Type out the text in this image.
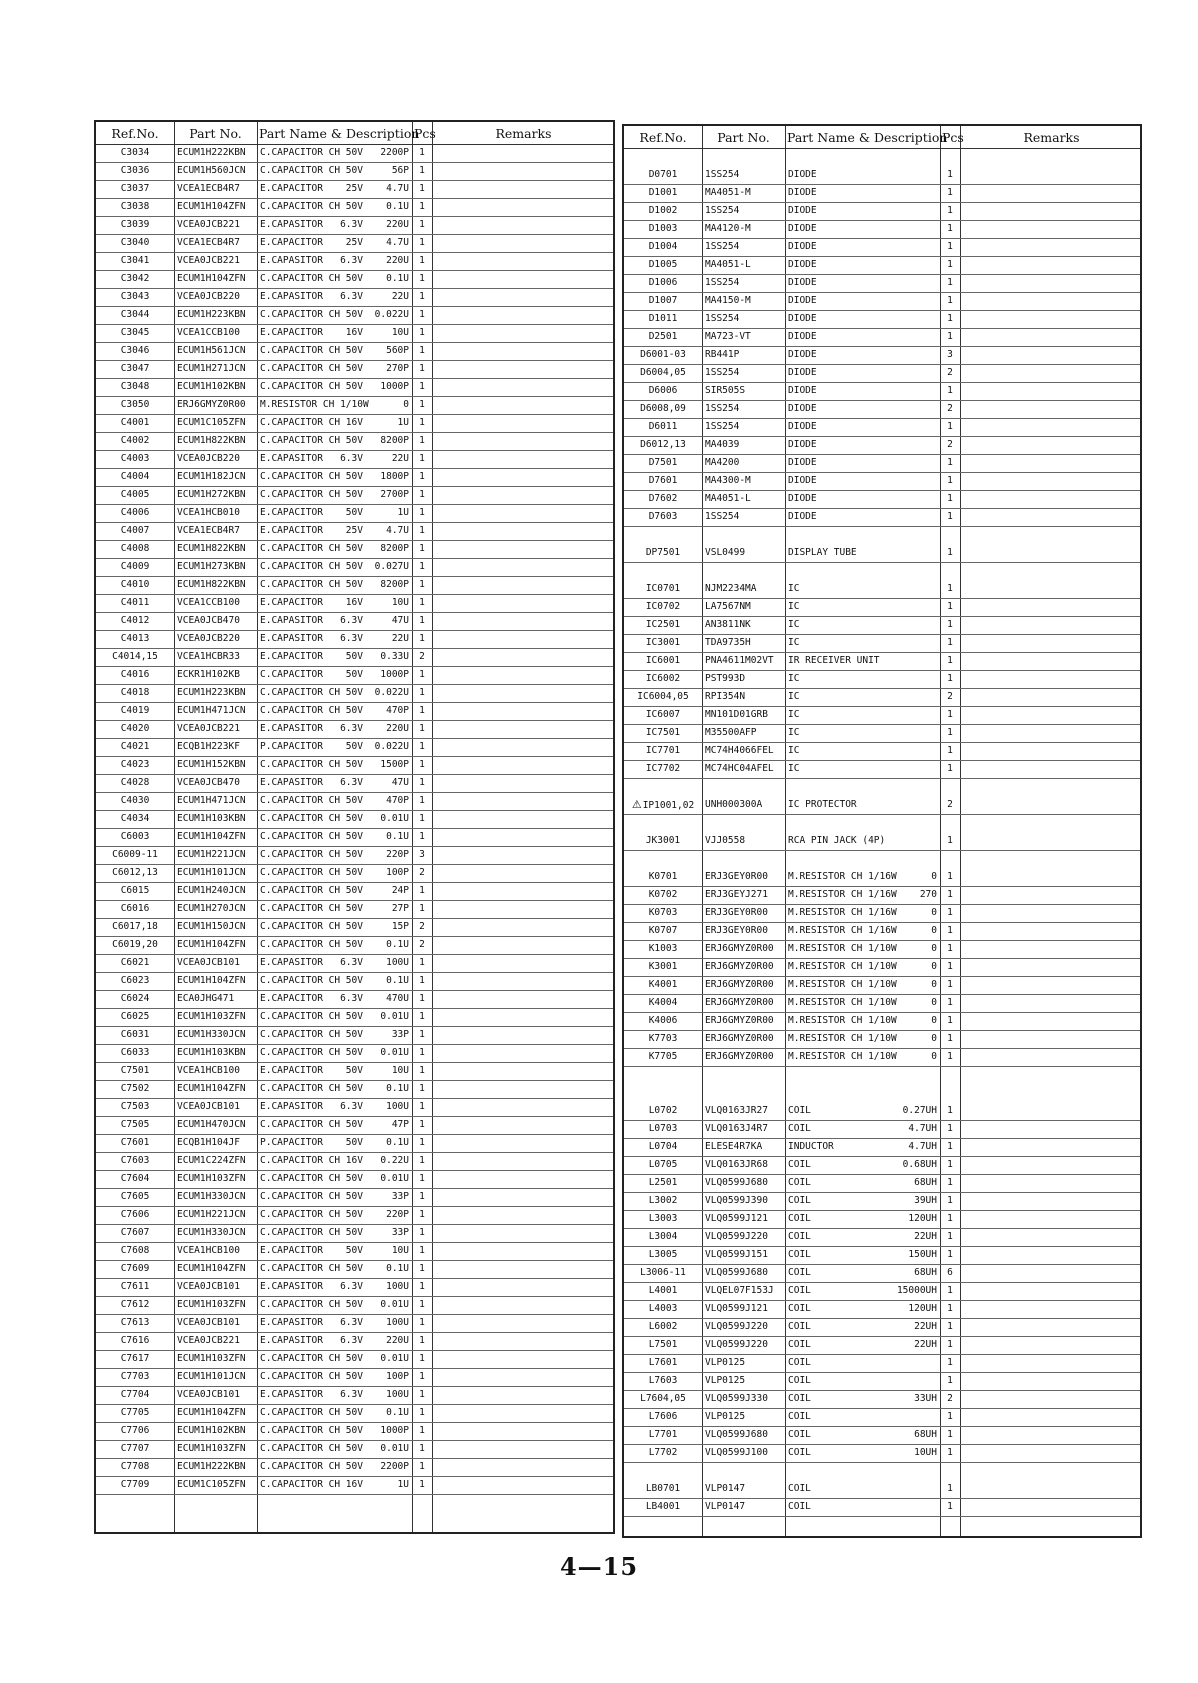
Ref.No.	Part No.	Part Name & Description
Pcs	Remarks
C3034	ECUM1H222KBN	C.CAPACITOR CH 50V	2200P	1
C3036	ECUM1H560JCN	C.CAPACITOR CH 50V	56P	1
C3037	VCEA1ECB4R7	E.CAPACITOR    25V	4.7U	1
C3038	ECUM1H104ZFN	C.CAPACITOR CH 50V	0.1U	1
C3039	VCEA0JCB221	E.CAPASITOR   6.3V	220U	1
C3040	VCEA1ECB4R7	E.CAPACITOR    25V	4.7U	1
C3041	VCEA0JCB221	E.CAPASITOR   6.3V	220U	1
C3042	ECUM1H104ZFN	C.CAPACITOR CH 50V	0.1U	1
C3043	VCEA0JCB220	E.CAPASITOR   6.3V	22U	1
C3044	ECUM1H223KBN	C.CAPACITOR CH 50V	0.022U	1
C3045	VCEA1CCB100	E.CAPACITOR    16V	10U	1
C3046	ECUM1H561JCN	C.CAPACITOR CH 50V	560P	1
C3047	ECUM1H271JCN	C.CAPACITOR CH 50V	270P	1
C3048	ECUM1H102KBN	C.CAPACITOR CH 50V	1000P	1
C3050	ERJ6GMYZ0R00	M.RESISTOR CH 1/10W	0	1
C4001	ECUM1C105ZFN	C.CAPACITOR CH 16V	1U	1
C4002	ECUM1H822KBN	C.CAPACITOR CH 50V	8200P	1
C4003	VCEA0JCB220	E.CAPASITOR   6.3V	22U	1
C4004	ECUM1H182JCN	C.CAPACITOR CH 50V	1800P	1
C4005	ECUM1H272KBN	C.CAPACITOR CH 50V	2700P	1
C4006	VCEA1HCB010	E.CAPACITOR    50V	1U	1
C4007	VCEA1ECB4R7	E.CAPACITOR    25V	4.7U	1
C4008	ECUM1H822KBN	C.CAPACITOR CH 50V	8200P	1
C4009	ECUM1H273KBN	C.CAPACITOR CH 50V	0.027U	1
C4010	ECUM1H822KBN	C.CAPACITOR CH 50V	8200P	1
C4011	VCEA1CCB100	E.CAPACITOR    16V	10U	1
C4012	VCEA0JCB470	E.CAPASITOR   6.3V	47U	1
C4013	VCEA0JCB220	E.CAPASITOR   6.3V	22U	1
C4014,15	VCEA1HCBR33	E.CAPACITOR    50V	0.33U	2
C4016	ECKR1H102KB	C.CAPACITOR    50V	1000P	1
C4018	ECUM1H223KBN	C.CAPACITOR CH 50V	0.022U	1
C4019	ECUM1H471JCN	C.CAPACITOR CH 50V	470P	1
C4020	VCEA0JCB221	E.CAPASITOR   6.3V	220U	1
C4021	ECQB1H223KF	P.CAPACITOR    50V	0.022U	1
C4023	ECUM1H152KBN	C.CAPACITOR CH 50V	1500P	1
C4028	VCEA0JCB470	E.CAPASITOR   6.3V	47U	1
C4030	ECUM1H471JCN	C.CAPACITOR CH 50V	470P	1
C4034	ECUM1H103KBN	C.CAPACITOR CH 50V	0.01U	1
C6003	ECUM1H104ZFN	C.CAPACITOR CH 50V	0.1U	1
C6009-11	ECUM1H221JCN	C.CAPACITOR CH 50V	220P	3
C6012,13	ECUM1H101JCN	C.CAPACITOR CH 50V	100P	2
C6015	ECUM1H240JCN	C.CAPACITOR CH 50V	24P	1
C6016	ECUM1H270JCN	C.CAPACITOR CH 50V	27P	1
C6017,18	ECUM1H150JCN	C.CAPACITOR CH 50V	15P	2
C6019,20	ECUM1H104ZFN	C.CAPACITOR CH 50V	0.1U	2
C6021	VCEA0JCB101	E.CAPASITOR   6.3V	100U	1
C6023	ECUM1H104ZFN	C.CAPACITOR CH 50V	0.1U	1
C6024	ECA0JHG471	E.CAPACITOR   6.3V	470U	1
C6025	ECUM1H103ZFN	C.CAPACITOR CH 50V	0.01U	1
C6031	ECUM1H330JCN	C.CAPACITOR CH 50V	33P	1
C6033	ECUM1H103KBN	C.CAPACITOR CH 50V	0.01U	1
C7501	VCEA1HCB100	E.CAPACITOR    50V	10U	1
C7502	ECUM1H104ZFN	C.CAPACITOR CH 50V	0.1U	1
C7503	VCEA0JCB101	E.CAPASITOR   6.3V	100U	1
C7505	ECUM1H470JCN	C.CAPACITOR CH 50V	47P	1
C7601	ECQB1H104JF	P.CAPACITOR    50V	0.1U	1
C7603	ECUM1C224ZFN	C.CAPACITOR CH 16V	0.22U	1
C7604	ECUM1H103ZFN	C.CAPACITOR CH 50V	0.01U	1
C7605	ECUM1H330JCN	C.CAPACITOR CH 50V	33P	1
C7606	ECUM1H221JCN	C.CAPACITOR CH 50V	220P	1
C7607	ECUM1H330JCN	C.CAPACITOR CH 50V	33P	1
C7608	VCEA1HCB100	E.CAPACITOR    50V	10U	1
C7609	ECUM1H104ZFN	C.CAPACITOR CH 50V	0.1U	1
C7611	VCEA0JCB101	E.CAPASITOR   6.3V	100U	1
C7612	ECUM1H103ZFN	C.CAPACITOR CH 50V	0.01U	1
C7613	VCEA0JCB101	E.CAPASITOR   6.3V	100U	1
C7616	VCEA0JCB221	E.CAPASITOR   6.3V	220U	1
C7617	ECUM1H103ZFN	C.CAPACITOR CH 50V	0.01U	1
C7703	ECUM1H101JCN	C.CAPACITOR CH 50V	100P	1
C7704	VCEA0JCB101	E.CAPASITOR   6.3V	100U	1
C7705	ECUM1H104ZFN	C.CAPACITOR CH 50V	0.1U	1
C7706	ECUM1H102KBN	C.CAPACITOR CH 50V	1000P	1
C7707	ECUM1H103ZFN	C.CAPACITOR CH 50V	0.01U	1
C7708	ECUM1H222KBN	C.CAPACITOR CH 50V	2200P	1
C7709	ECUM1C105ZFN	C.CAPACITOR CH 16V	1U	1
Ref.No.	Part No.	Part Name & Description
Pcs	Remarks
D0701	1SS254	DIODE	1
D1001	MA4051-M	DIODE	1
D1002	1SS254	DIODE	1
D1003	MA4120-M	DIODE	1
D1004	1SS254	DIODE	1
D1005	MA4051-L	DIODE	1
D1006	1SS254	DIODE	1
D1007	MA4150-M	DIODE	1
D1011	1SS254	DIODE	1
D2501	MA723-VT	DIODE	1
D6001-03	RB441P	DIODE	3
D6004,05	1SS254	DIODE	2
D6006	SIR505S	DIODE	1
D6008,09	1SS254	DIODE	2
D6011	1SS254	DIODE	1
D6012,13	MA4039	DIODE	2
D7501	MA4200	DIODE	1
D7601	MA4300-M	DIODE	1
D7602	MA4051-L	DIODE	1
D7603	1SS254	DIODE	1
DP7501	VSL0499	DISPLAY TUBE	1
IC0701	NJM2234MA	IC	1
IC0702	LA7567NM	IC	1
IC2501	AN3811NK	IC	1
IC3001	TDA9735H	IC	1
IC6001	PNA4611M02VT	IR RECEIVER UNIT	1
IC6002	PST993D	IC	1
IC6004,05	RPI354N	IC	2
IC6007	MN101D01GRB	IC	1
IC7501	M35500AFP	IC	1
IC7701	MC74H4066FEL	IC	1
IC7702	MC74HC04AFEL	IC	1
⚠IP1001,02	UNH000300A	IC PROTECTOR	2
JK3001	VJJ0558	RCA PIN JACK (4P)	1
K0701	ERJ3GEY0R00	M.RESISTOR CH 1/16W	0	1
K0702	ERJ3GEYJ271	M.RESISTOR CH 1/16W	270	1
K0703	ERJ3GEY0R00	M.RESISTOR CH 1/16W	0	1
K0707	ERJ3GEY0R00	M.RESISTOR CH 1/16W	0	1
K1003	ERJ6GMYZ0R00	M.RESISTOR CH 1/10W	0	1
K3001	ERJ6GMYZ0R00	M.RESISTOR CH 1/10W	0	1
K4001	ERJ6GMYZ0R00	M.RESISTOR CH 1/10W	0	1
K4004	ERJ6GMYZ0R00	M.RESISTOR CH 1/10W	0	1
K4006	ERJ6GMYZ0R00	M.RESISTOR CH 1/10W	0	1
K7703	ERJ6GMYZ0R00	M.RESISTOR CH 1/10W	0	1
K7705	ERJ6GMYZ0R00	M.RESISTOR CH 1/10W	0	1
L0702	VLQ0163JR27	COIL	0.27UH	1
L0703	VLQ0163J4R7	COIL	4.7UH	1
L0704	ELESE4R7KA	INDUCTOR	4.7UH	1
L0705	VLQ0163JR68	COIL	0.68UH	1
L2501	VLQ0599J680	COIL	68UH	1
L3002	VLQ0599J390	COIL	39UH	1
L3003	VLQ0599J121	COIL	120UH	1
L3004	VLQ0599J220	COIL	22UH	1
L3005	VLQ0599J151	COIL	150UH	1
L3006-11	VLQ0599J680	COIL	68UH	6
L4001	VLQEL07F153J	COIL	15000UH	1
L4003	VLQ0599J121	COIL	120UH	1
L6002	VLQ0599J220	COIL	22UH	1
L7501	VLQ0599J220	COIL	22UH	1
L7601	VLP0125	COIL	1
L7603	VLP0125	COIL	1
L7604,05	VLQ0599J330	COIL	33UH	2
L7606	VLP0125	COIL	1
L7701	VLQ0599J680	COIL	68UH	1
L7702	VLQ0599J100	COIL	10UH	1
LB0701	VLP0147	COIL	1
LB4001	VLP0147	COIL	1
4—15
